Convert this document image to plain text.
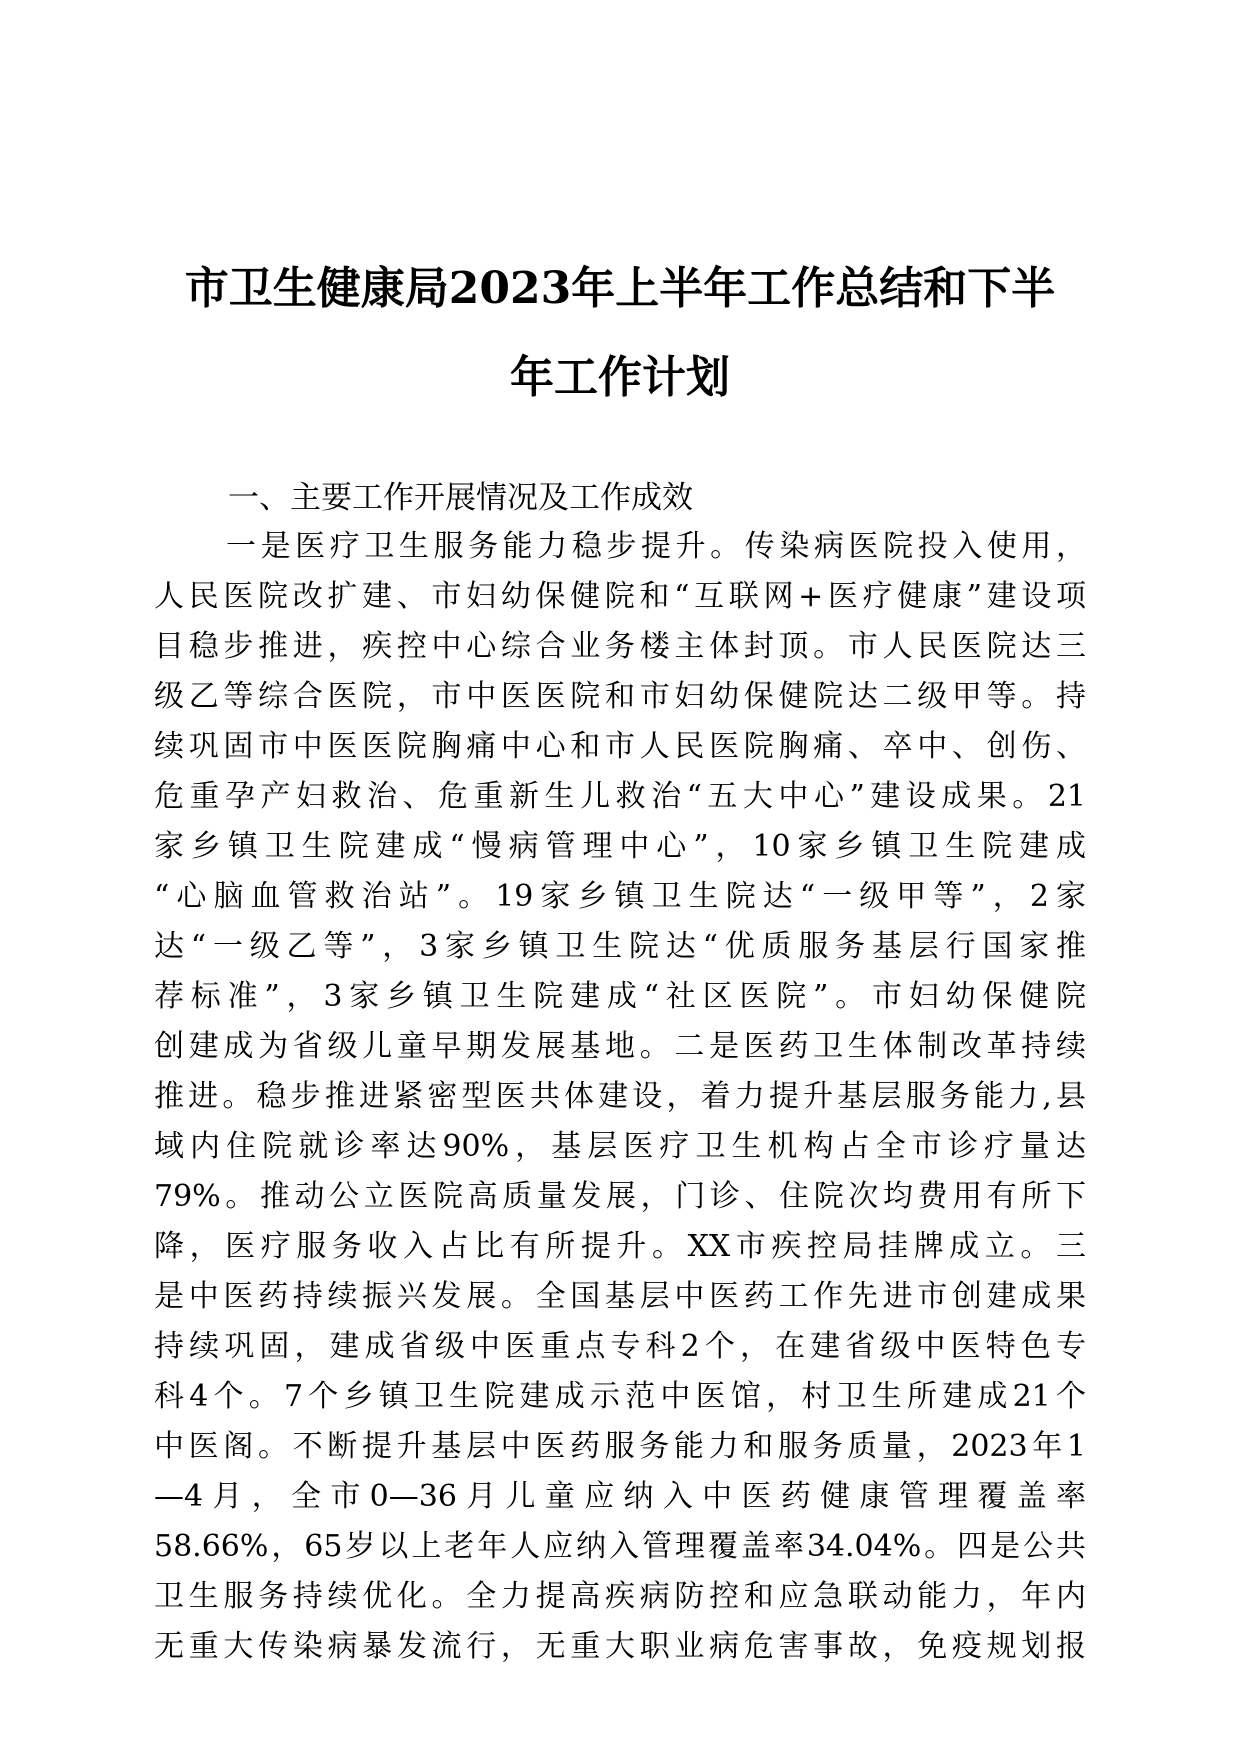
市卫生健康局2023年上半年工作总结和下半
年工作计划
一、主要工作开展情况及工作成效
一是医疗卫生服务能力稳步提升。传染病医院投入使用，
人民医院改扩建、市妇幼保健院和“互联网+医疗健康”建设项
目稳步推进，疾控中心综合业务楼主体封顶。市人民医院达三
级乙等综合医院，市中医医院和市妇幼保健院达二级甲等。持
续巩固市中医医院胸痛中心和市人民医院胸痛、卒中、创伤、
危重孕产妇救治、危重新生儿救治“五大中心”建设成果。21
家乡镇卫生院建成“慢病管理中心”，10家乡镇卫生院建成
“心脑血管救治站”。19家乡镇卫生院达“一级甲等”，2家
达“一级乙等”，3家乡镇卫生院达“优质服务基层行国家推
荐标准”，3家乡镇卫生院建成“社区医院”。市妇幼保健院
创建成为省级儿童早期发展基地。二是医药卫生体制改革持续
推进。稳步推进紧密型医共体建设，着力提升基层服务能力,县
域内住院就诊率达90%，基层医疗卫生机构占全市诊疗量达
79%。推动公立医院高质量发展，门诊、住院次均费用有所下
降，医疗服务收入占比有所提升。XX市疾控局挂牌成立。三
是中医药持续振兴发展。全国基层中医药工作先进市创建成果
持续巩固，建成省级中医重点专科2个，在建省级中医特色专
科4个。7个乡镇卫生院建成示范中医馆，村卫生所建成21个
中医阁。不断提升基层中医药服务能力和服务质量，2023年1
—4月，全市0—36月儿童应纳入中医药健康管理覆盖率
58.66%，65岁以上老年人应纳入管理覆盖率34.04%。四是公共
卫生服务持续优化。全力提高疾病防控和应急联动能力，年内
无重大传染病暴发流行，无重大职业病危害事故，免疫规划报
